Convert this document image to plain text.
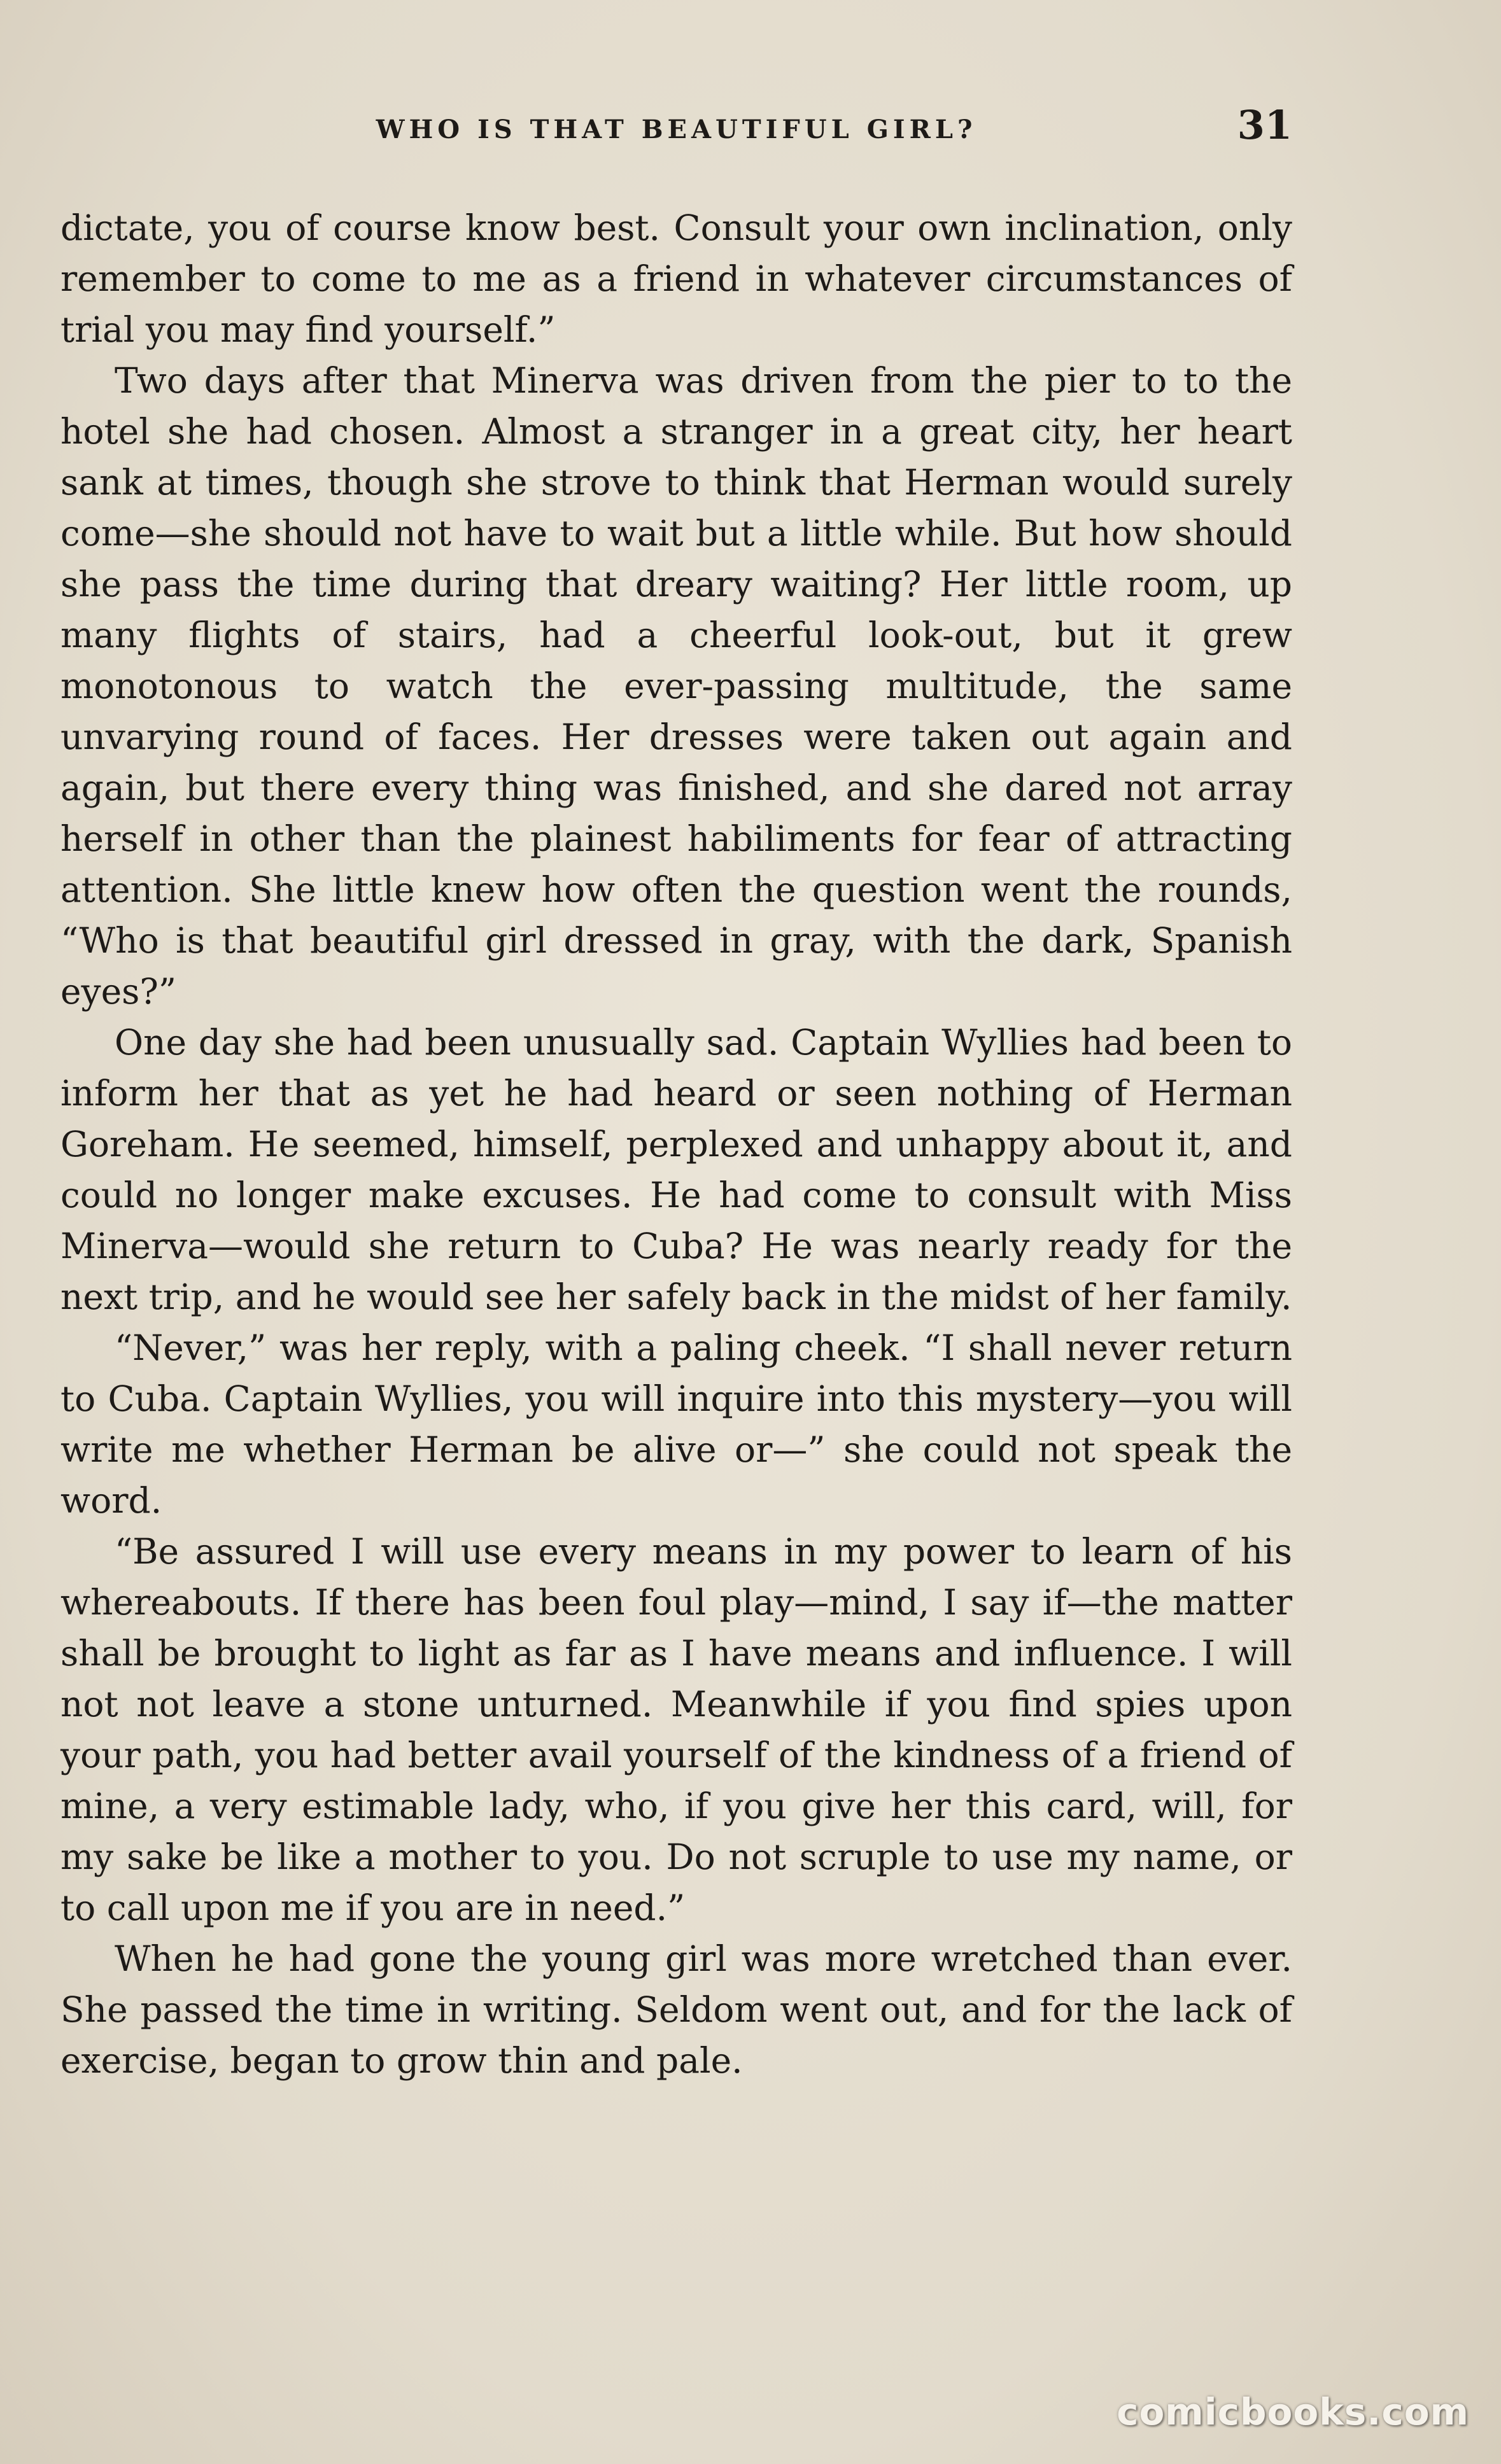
WHO IS THAT BEAUTIFUL GIRL?	31

dictate, you of course know best. Consult your own inclination, only remember to come to me as a friend in whatever circumstances of trial you may find yourself.”

Two days after that Minerva was driven from the pier to to the hotel she had chosen. Almost a stranger in a great city, her heart sank at times, though she strove to think that Herman would surely come—she should not have to wait but a little while. But how should she pass the time during that dreary waiting? Her little room, up many flights of stairs, had a cheerful look-out, but it grew monotonous to watch the ever-passing multitude, the same unvarying round of faces. Her dresses were taken out again and again, but there every thing was finished, and she dared not array herself in other than the plainest habiliments for fear of attracting attention. She little knew how often the question went the rounds, “Who is that beautiful girl dressed in gray, with the dark, Spanish eyes?”

One day she had been unusually sad. Captain Wyllies had been to inform her that as yet he had heard or seen nothing of Herman Goreham. He seemed, himself, perplexed and unhappy about it, and could no longer make excuses. He had come to consult with Miss Minerva—would she return to Cuba? He was nearly ready for the next trip, and he would see her safely back in the midst of her family.

“Never,” was her reply, with a paling cheek. “I shall never return to Cuba. Captain Wyllies, you will inquire into this mystery—you will write me whether Herman be alive or—” she could not speak the word.

“Be assured I will use every means in my power to learn of his whereabouts. If there has been foul play—mind, I say if—the matter shall be brought to light as far as I have means and influence. I will not not leave a stone unturned. Meanwhile if you find spies upon your path, you had better avail yourself of the kindness of a friend of mine, a very estimable lady, who, if you give her this card, will, for my sake be like a mother to you. Do not scruple to use my name, or to call upon me if you are in need.”

When he had gone the young girl was more wretched than ever. She passed the time in writing. Seldom went out, and for the lack of exercise, began to grow thin and pale.

comicbooks.com
